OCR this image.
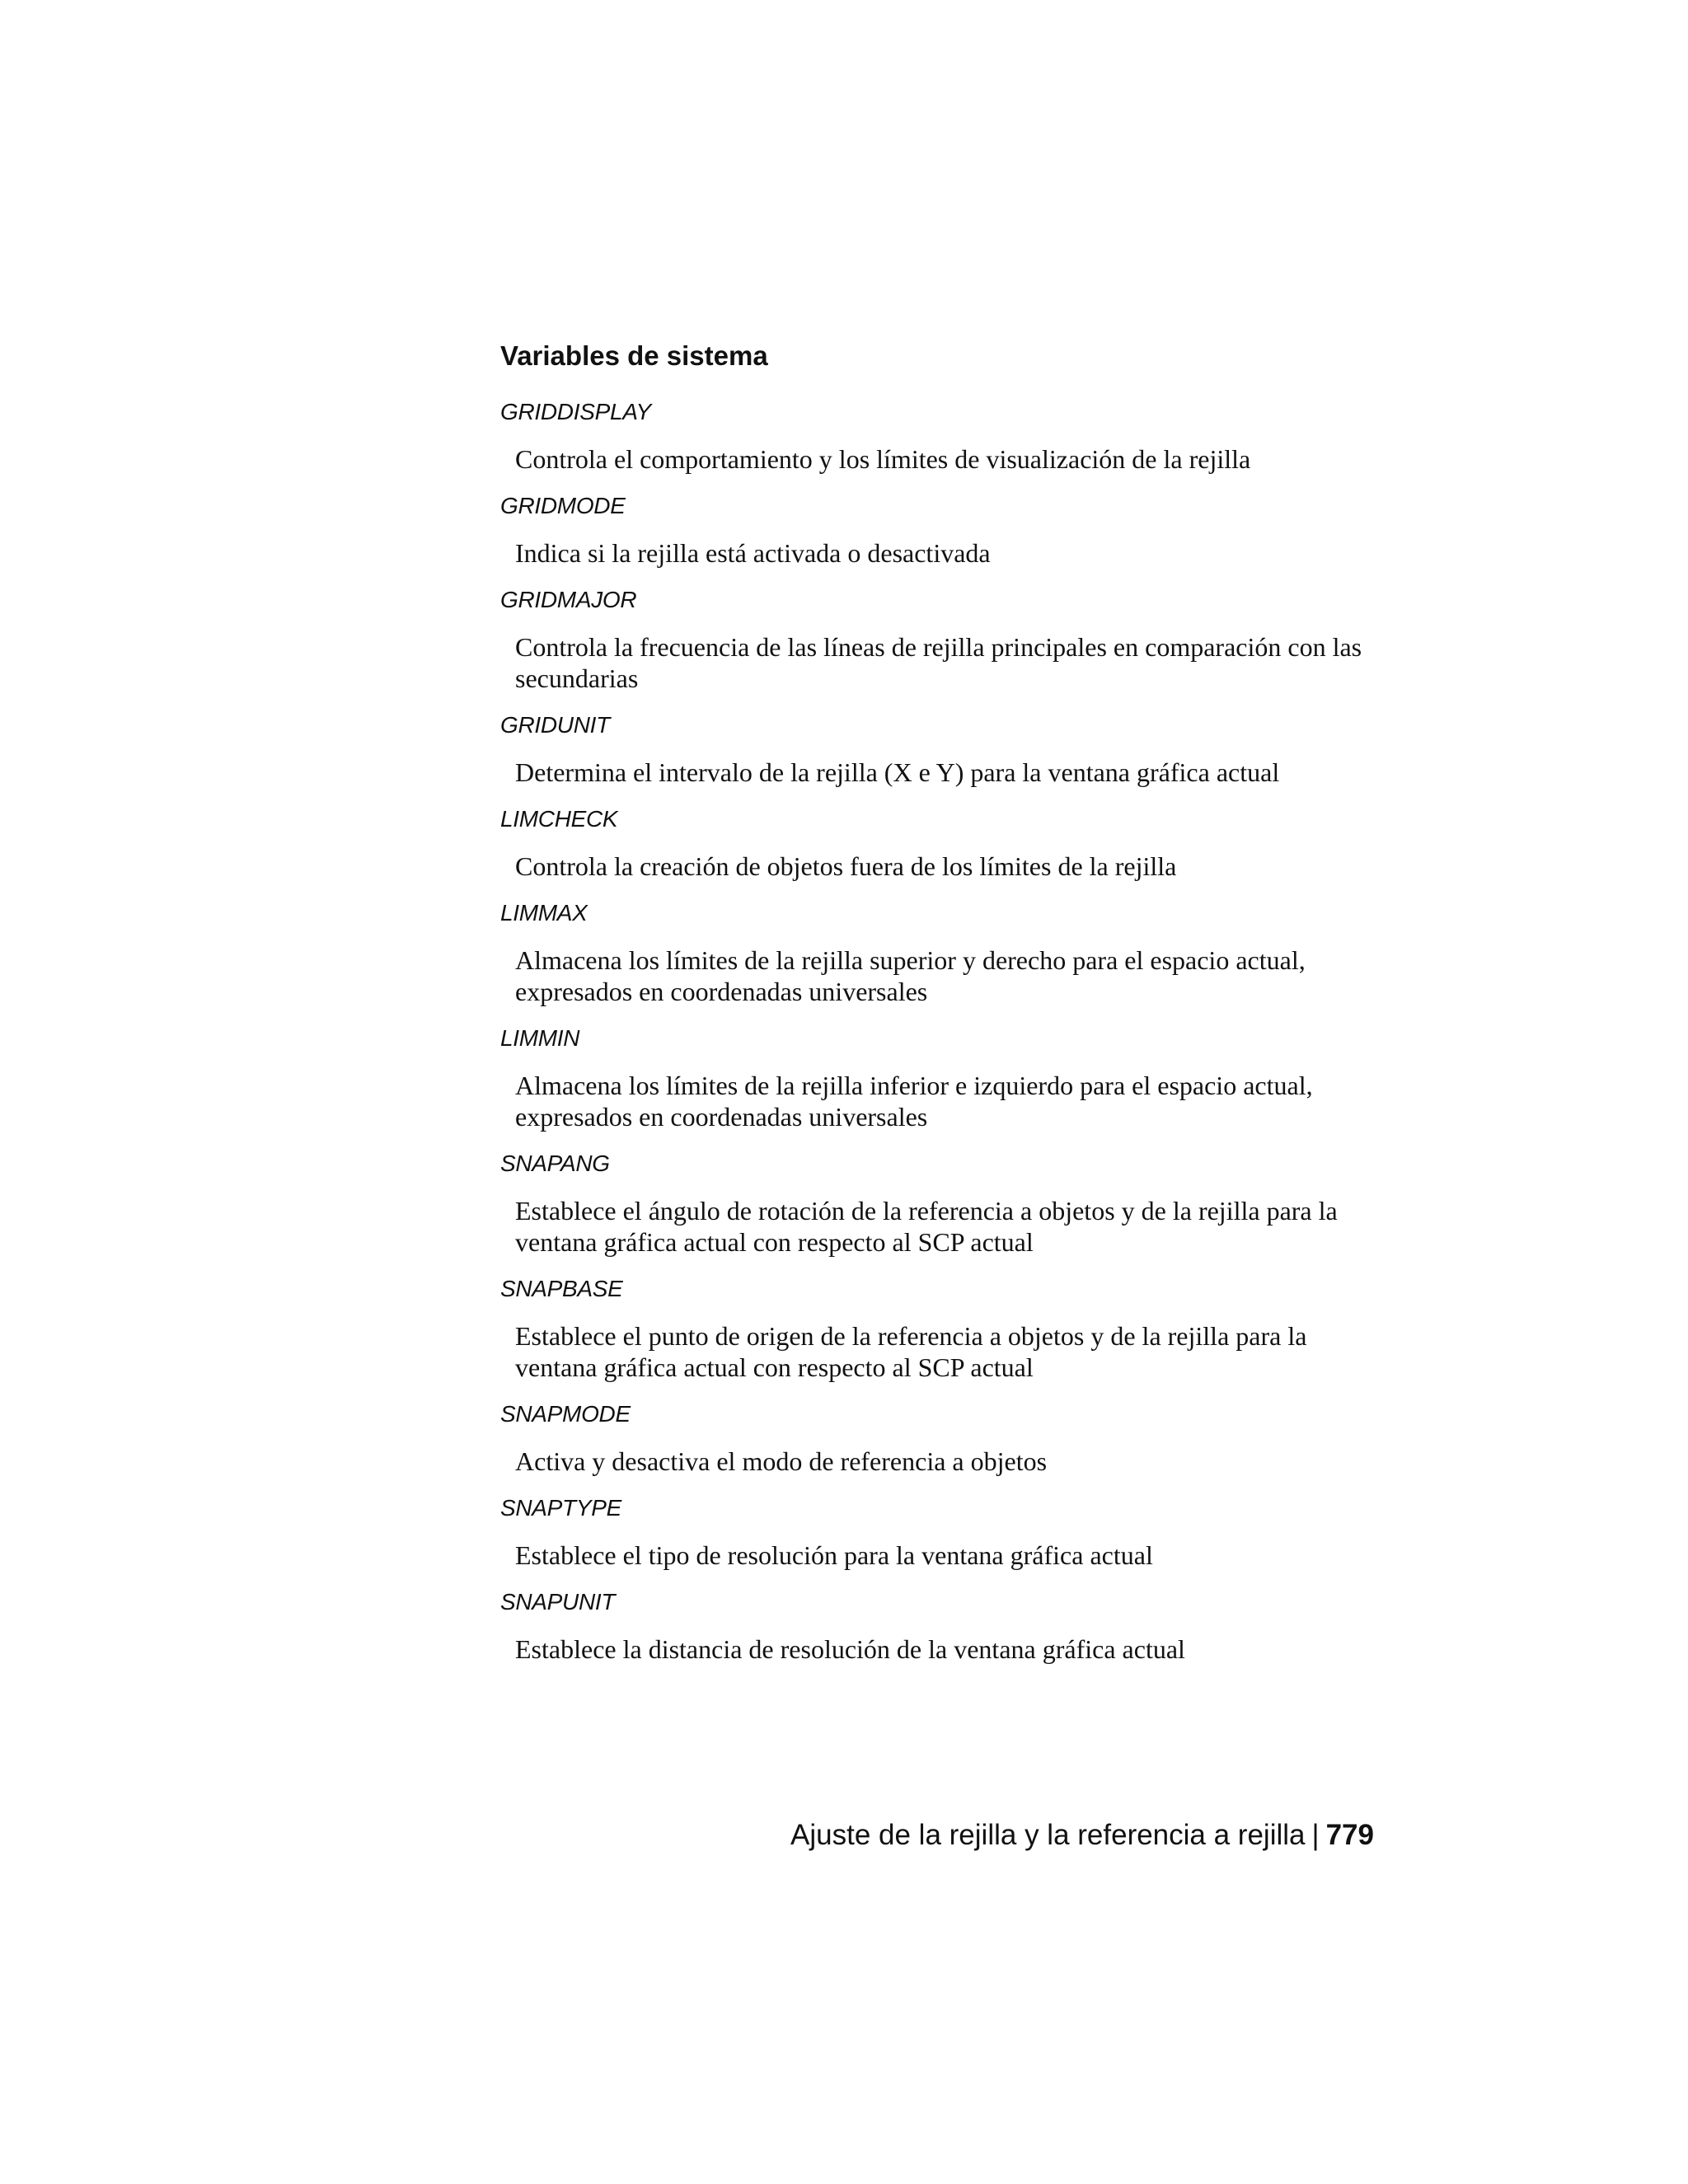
Variables de sistema
GRIDDISPLAY
Controla el comportamiento y los límites de visualización de la rejilla
GRIDMODE
Indica si la rejilla está activada o desactivada
GRIDMAJOR
Controla la frecuencia de las líneas de rejilla principales en comparación con las secundarias
GRIDUNIT
Determina el intervalo de la rejilla (X e Y) para la ventana gráfica actual
LIMCHECK
Controla la creación de objetos fuera de los límites de la rejilla
LIMMAX
Almacena los límites de la rejilla superior y derecho para el espacio actual, expresados en coordenadas universales
LIMMIN
Almacena los límites de la rejilla inferior e izquierdo para el espacio actual, expresados en coordenadas universales
SNAPANG
Establece el ángulo de rotación de la referencia a objetos y de la rejilla para la ventana gráfica actual con respecto al SCP actual
SNAPBASE
Establece el punto de origen de la referencia a objetos y de la rejilla para la ventana gráfica actual con respecto al SCP actual
SNAPMODE
Activa y desactiva el modo de referencia a objetos
SNAPTYPE
Establece el tipo de resolución para la ventana gráfica actual
SNAPUNIT
Establece la distancia de resolución de la ventana gráfica actual
Ajuste de la rejilla y la referencia a rejilla | 779
